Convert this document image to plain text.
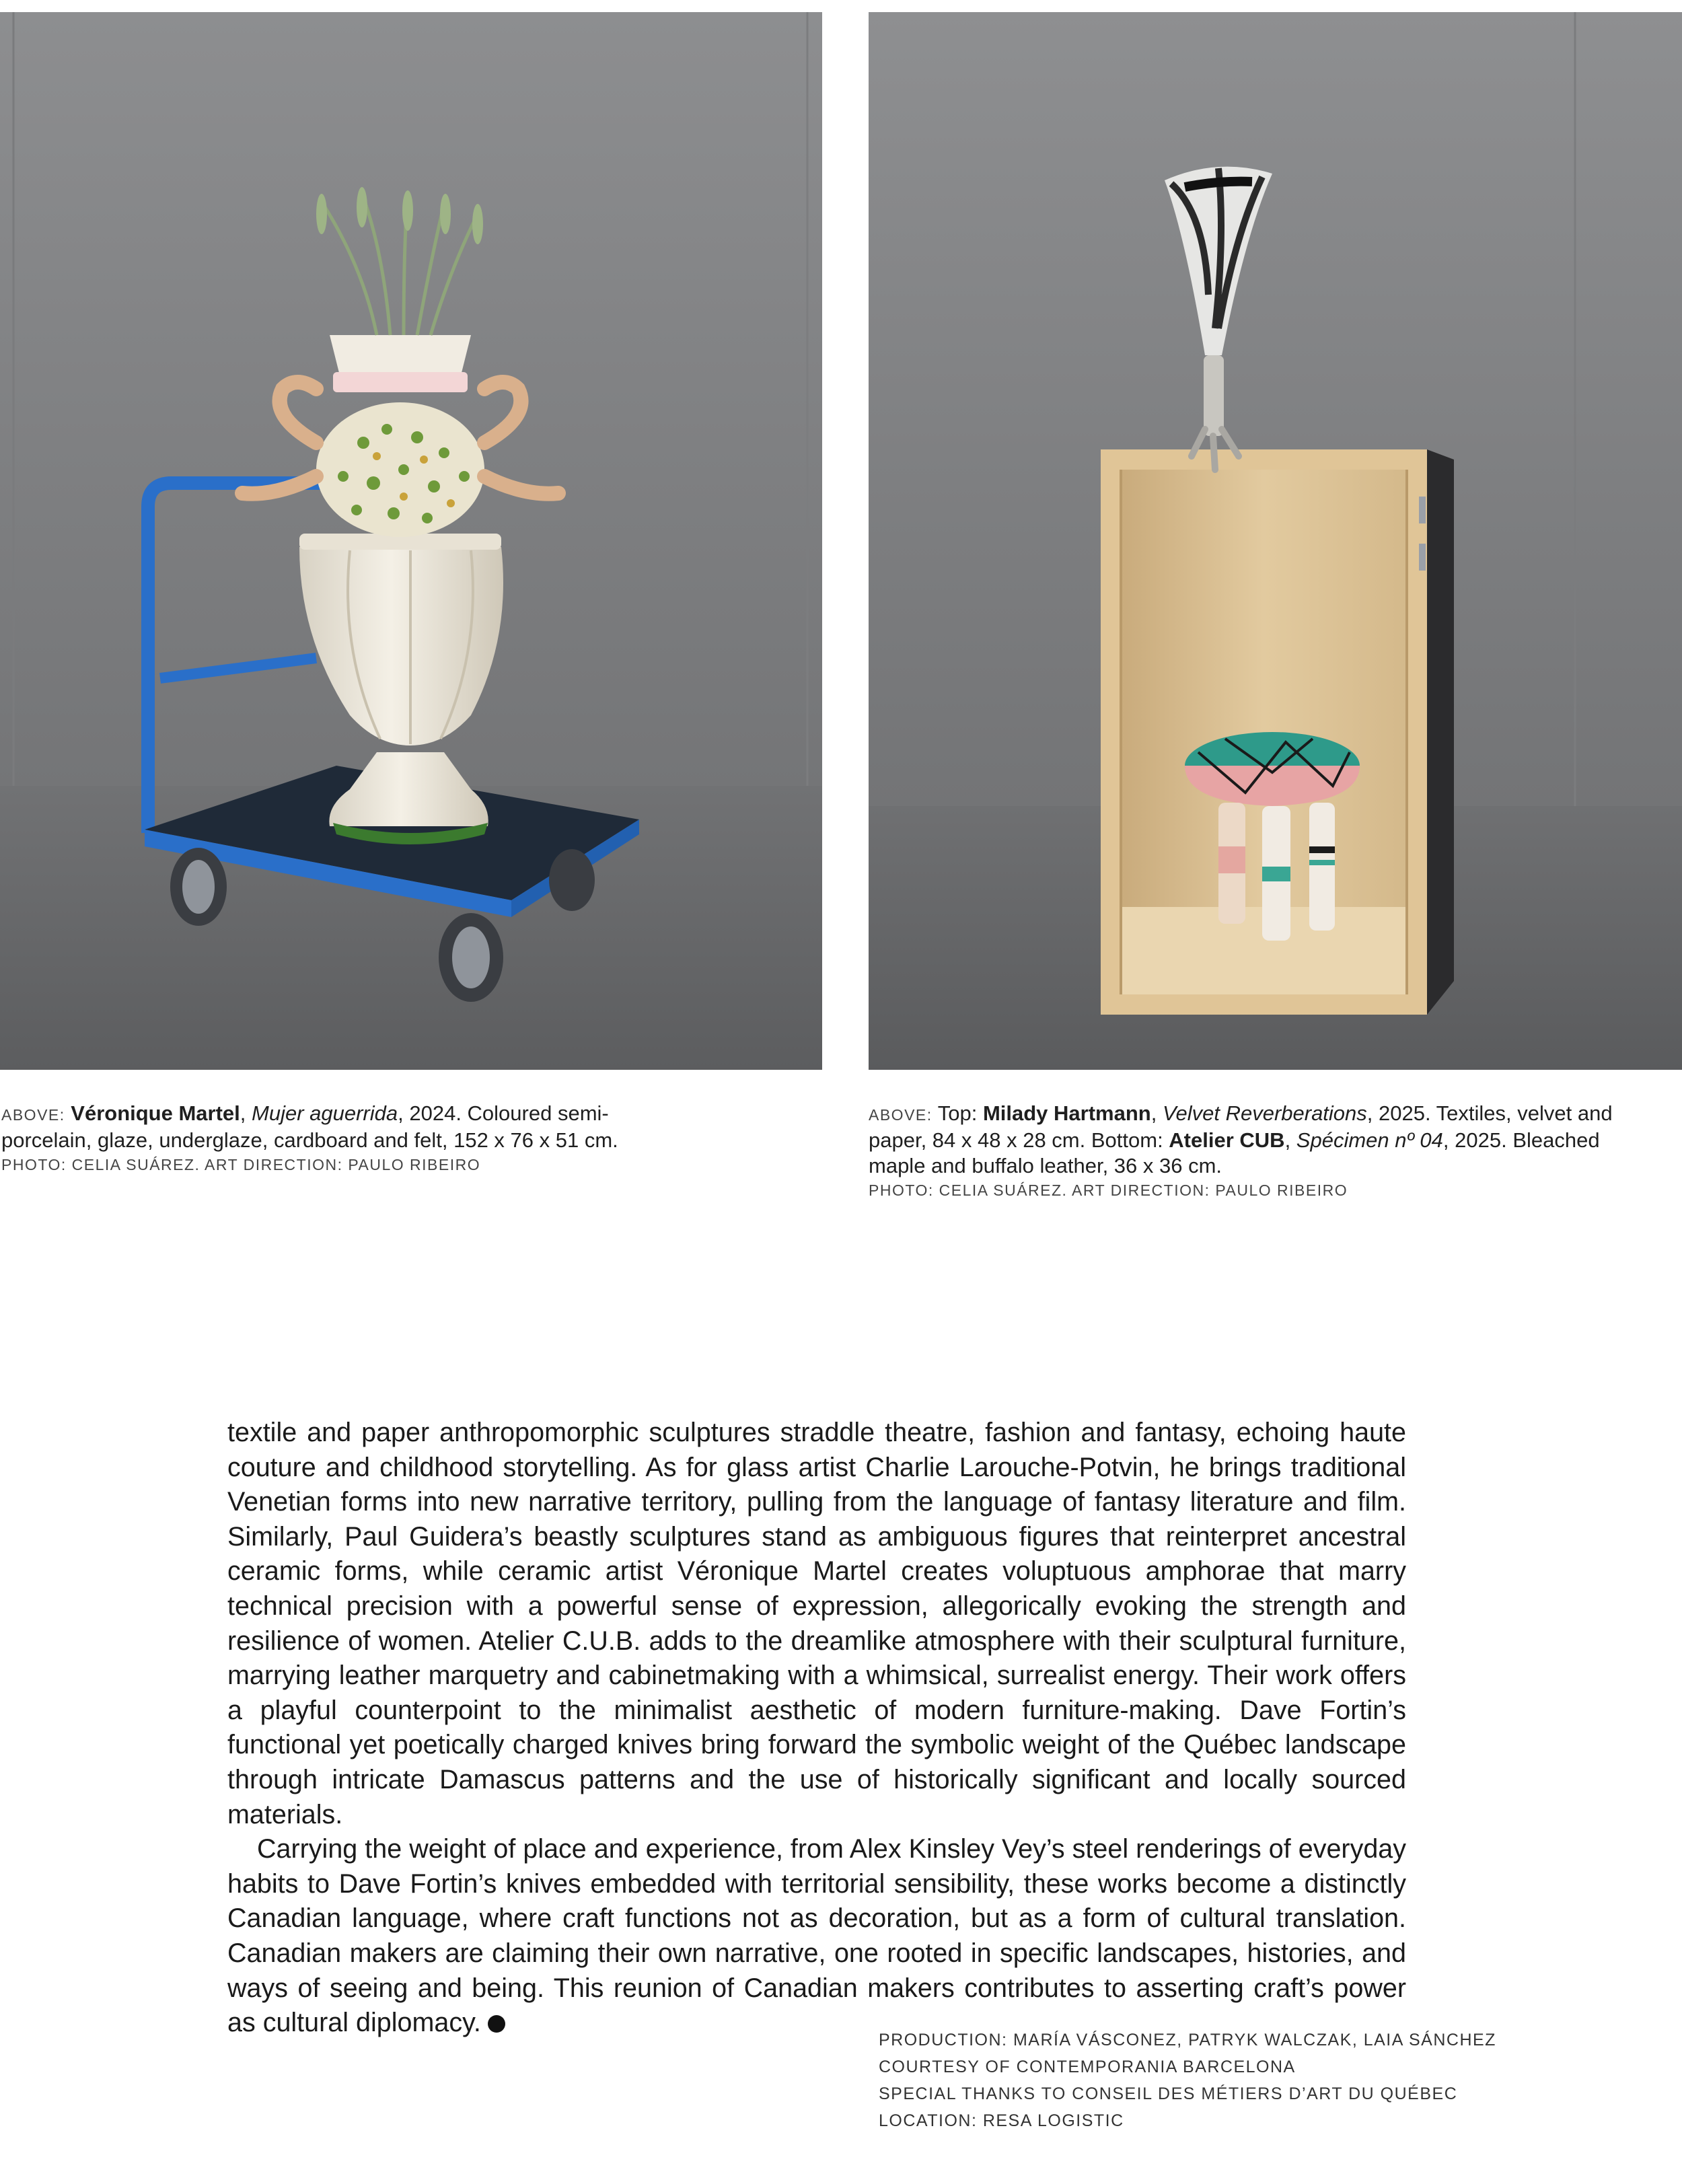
ABOVE: Véronique Martel, Mujer aguerrida, 2024. Coloured semi-porcelain, glaze, underglaze, cardboard and felt, 152 x 76 x 51 cm.
PHOTO: CELIA SUÁREZ. ART DIRECTION: PAULO RIBEIRO
ABOVE: Top: Milady Hartmann, Velvet Reverberations, 2025. Textiles, velvet and paper, 84 x 48 x 28 cm. Bottom: Atelier CUB, Spécimen nº 04, 2025. Bleached maple and buffalo leather, 36 x 36 cm.
PHOTO: CELIA SUÁREZ. ART DIRECTION: PAULO RIBEIRO

textile and paper anthropomorphic sculptures straddle theatre, fashion and fantasy, echoing haute couture and childhood storytelling. As for glass artist Charlie Larouche-Potvin, he brings traditional Venetian forms into new narrative territory, pulling from the language of fantasy literature and film. Similarly, Paul Guidera’s beastly sculptures stand as ambiguous figures that reinterpret ancestral ceramic forms, while ceramic artist Véronique Martel creates voluptuous amphorae that marry technical precision with a powerful sense of expression, allegorically evoking the strength and resilience of women. Atelier C.U.B. adds to the dreamlike atmosphere with their sculptural furniture, marrying leather marquetry and cabinetmaking with a whimsical, surrealist energy. Their work offers a playful counterpoint to the minimalist aesthetic of modern furniture-making. Dave Fortin’s functional yet poetically charged knives bring forward the symbolic weight of the Québec landscape through intricate Damascus patterns and the use of historically significant and locally sourced materials.

Carrying the weight of place and experience, from Alex Kinsley Vey’s steel renderings of everyday habits to Dave Fortin’s knives embedded with territorial sensibility, these works become a distinctly Canadian language, where craft functions not as decoration, but as a form of cultural translation. Canadian makers are claiming their own narrative, one rooted in specific landscapes, histories, and ways of seeing and being. This reunion of Canadian makers contributes to asserting craft’s power as cultural diplomacy.

PRODUCTION: MARÍA VÁSCONEZ, PATRYK WALCZAK, LAIA SÁNCHEZ
COURTESY OF CONTEMPORANIA BARCELONA
SPECIAL THANKS TO CONSEIL DES MÉTIERS D’ART DU QUÉBEC
LOCATION: RESA LOGISTIC
